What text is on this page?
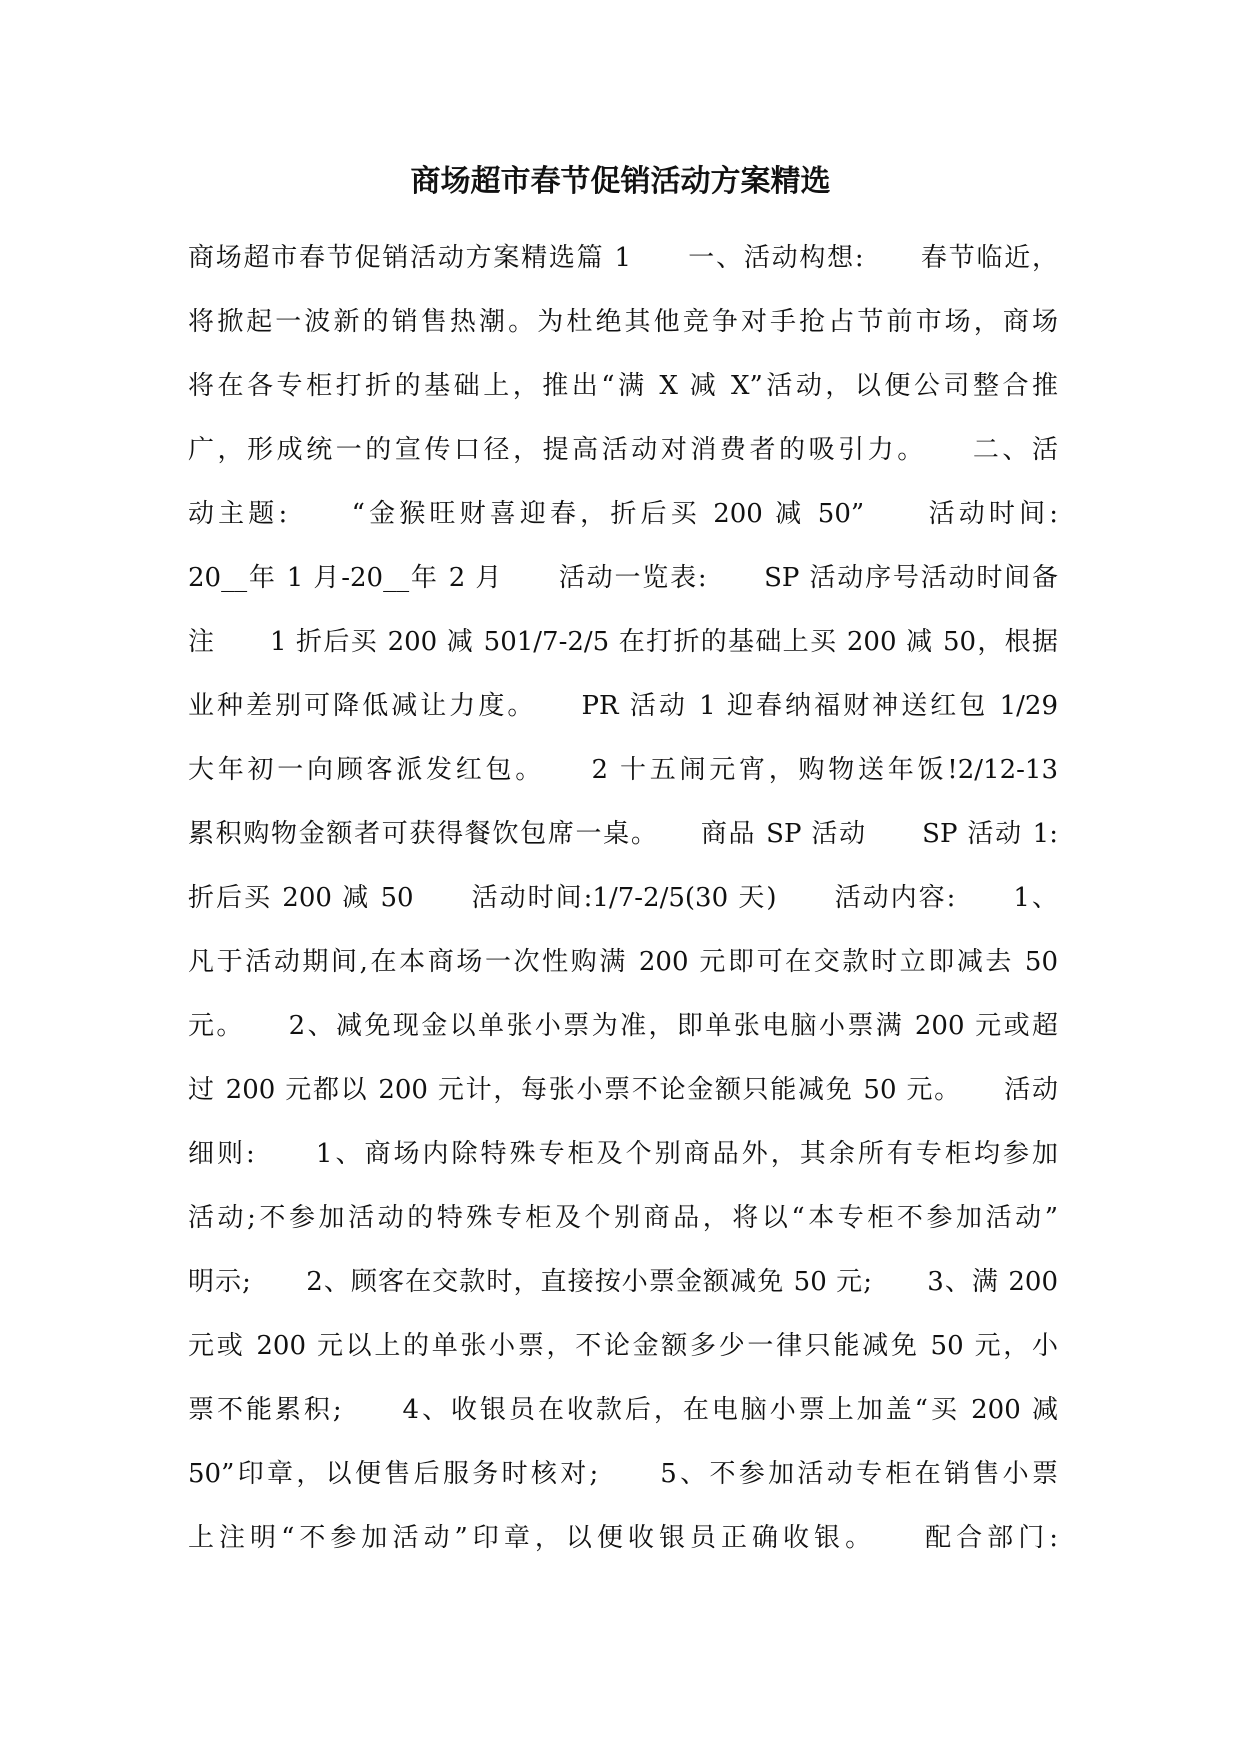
商场超市春节促销活动方案精选
商场超市春节促销活动方案精选篇 1　　一、活动构想:　　春节临近，
将掀起一波新的销售热潮。为杜绝其他竞争对手抢占节前市场，商场
将在各专柜打折的基础上，推出“满 X 减 X”活动，以便公司整合推
广，形成统一的宣传口径，提高活动对消费者的吸引力。　　二、活
动主题:　　“金猴旺财喜迎春，折后买 200 减 50”　　活动时间:
20__年 1 月-20__年 2 月　　活动一览表:　　SP 活动序号活动时间备
注　　1 折后买 200 减 501/7-2/5 在打折的基础上买 200 减 50，根据
业种差别可降低减让力度。　　PR 活动 1 迎春纳福财神送红包 1/29
大年初一向顾客派发红包。　　2 十五闹元宵，购物送年饭!2/12-13
累积购物金额者可获得餐饮包席一桌。　　商品 SP 活动　　SP 活动 1:
折后买 200 减 50　　活动时间:1/7-2/5(30 天)　　活动内容:　　1、
凡于活动期间,在本商场一次性购满 200 元即可在交款时立即减去 50
元。　　2、减免现金以单张小票为准，即单张电脑小票满 200 元或超
过 200 元都以 200 元计，每张小票不论金额只能减免 50 元。　　活动
细则:　　1、商场内除特殊专柜及个别商品外，其余所有专柜均参加
活动;不参加活动的特殊专柜及个别商品，将以“本专柜不参加活动”
明示;　　2、顾客在交款时，直接按小票金额减免 50 元;　　3、满 200
元或 200 元以上的单张小票，不论金额多少一律只能减免 50 元，小
票不能累积;　　4、收银员在收款后，在电脑小票上加盖“买 200 减
50”印章，以便售后服务时核对;　　5、不参加活动专柜在销售小票
上注明“不参加活动”印章，以便收银员正确收银。　　配合部门:
